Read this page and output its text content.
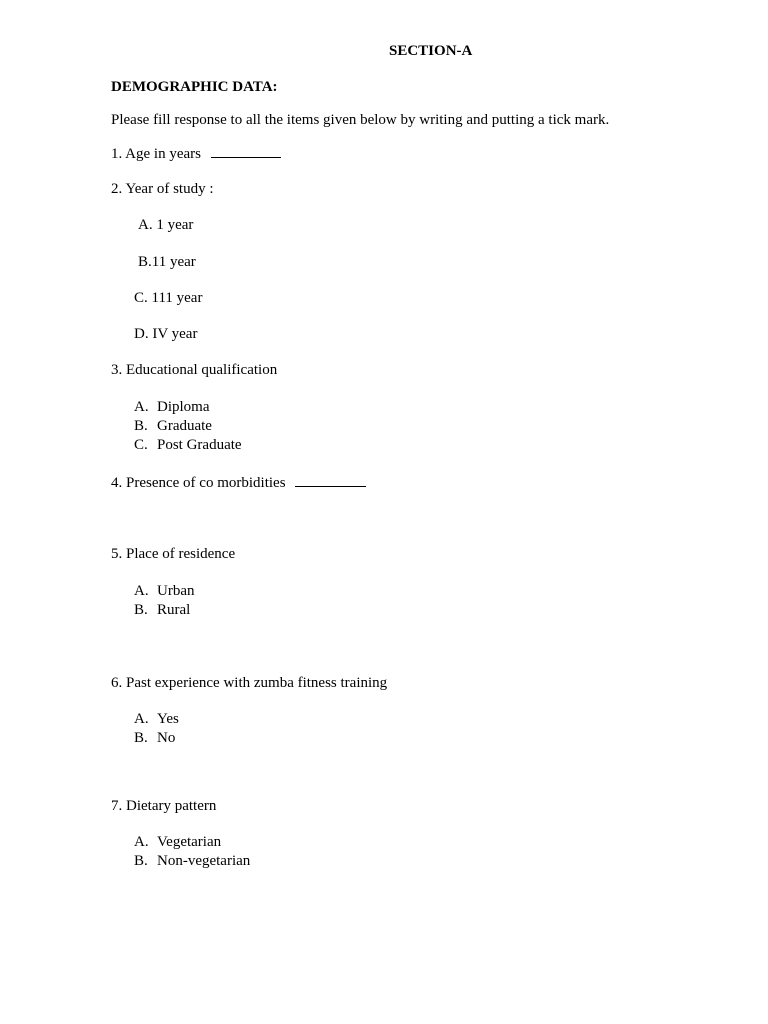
SECTION-A
DEMOGRAPHIC DATA:
Please fill response to all the items given below by writing and putting a tick mark.
1. Age in years
2. Year of study :
A. 1 year
B.11 year
C. 111 year
D. IV year
3. Educational qualification
A. Diploma
B. Graduate
C. Post Graduate
4. Presence of co morbidities
5. Place of residence
A. Urban
B. Rural
6. Past experience with zumba fitness training
A. Yes
B. No
7. Dietary pattern
A. Vegetarian
B. Non-vegetarian
